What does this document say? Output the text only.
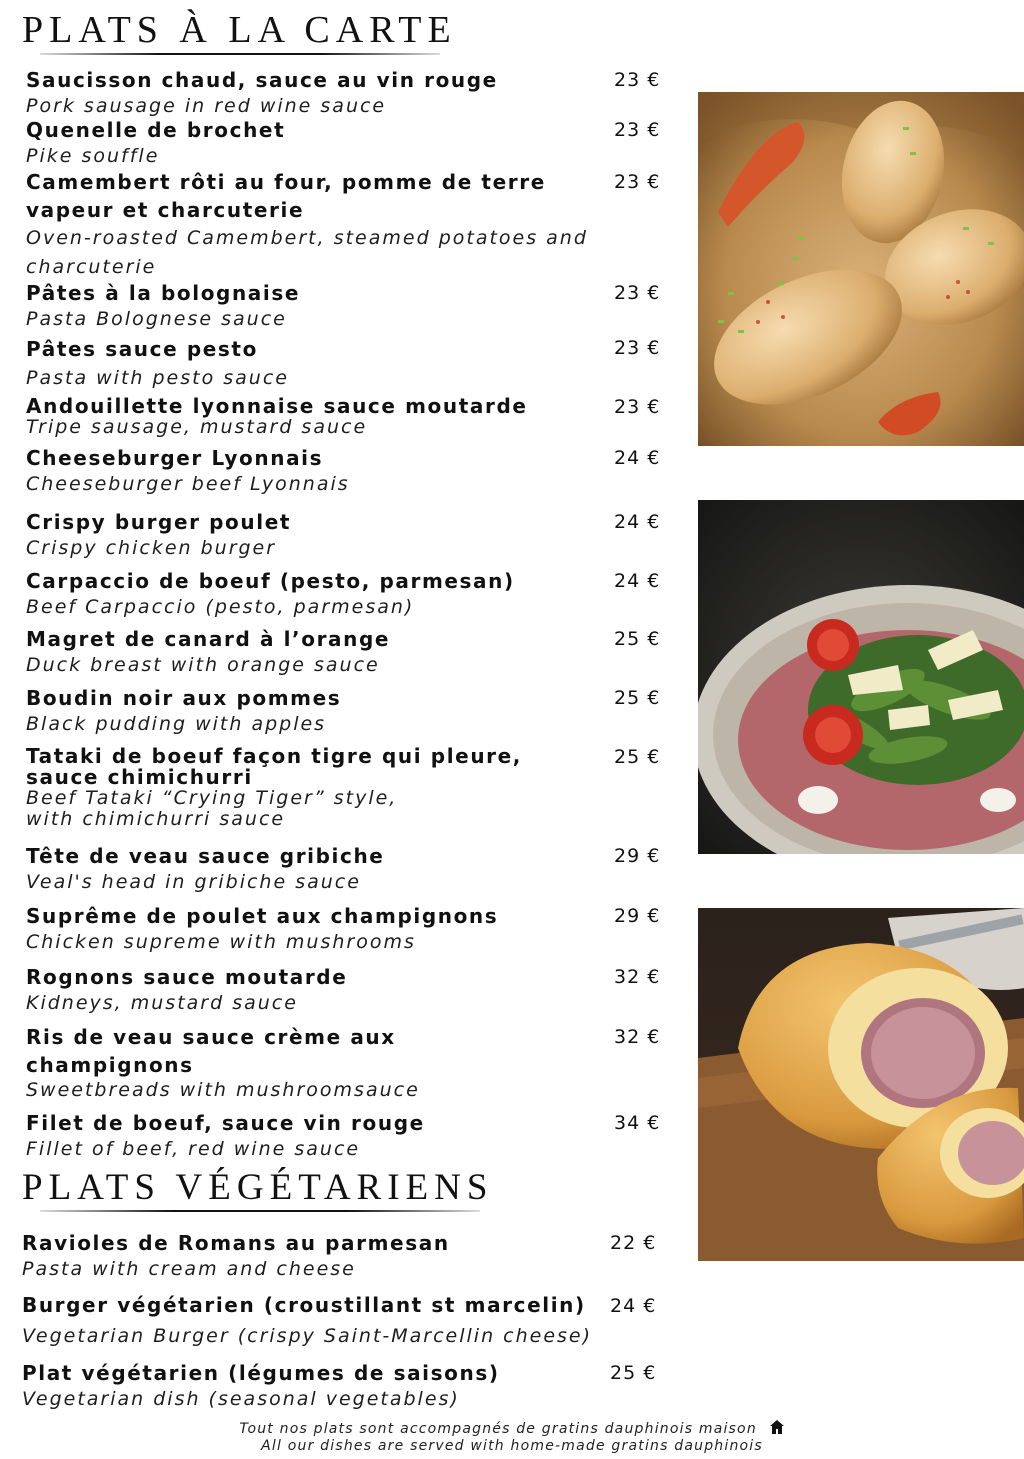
PLATS À LA CARTE
Saucisson chaud, sauce au vin rouge
Pork sausage in red wine sauce
23 €
Quenelle de brochet
Pike souffle
23 €
Camembert rôti au four, pomme de terre vapeur et charcuterie
Oven-roasted Camembert, steamed potatoes and charcuterie
23 €
Pâtes à la bolognaise
Pasta Bolognese sauce
23 €
Pâtes sauce pesto
Pasta with pesto sauce
23 €
Andouillette lyonnaise sauce moutarde
Tripe sausage, mustard sauce
23 €
Cheeseburger Lyonnais
Cheeseburger beef Lyonnais
24 €
Crispy burger poulet
Crispy chicken burger
24 €
Carpaccio de boeuf (pesto, parmesan)
Beef Carpaccio (pesto, parmesan)
24 €
Magret de canard à l’orange
Duck breast with orange sauce
25 €
Boudin noir aux pommes
Black pudding with apples
25 €
Tataki de boeuf façon tigre qui pleure, sauce chimichurri
Beef Tataki “Crying Tiger” style, with chimichurri sauce
25 €
Tête de veau sauce gribiche
Veal's head in gribiche sauce
29 €
Suprême de poulet aux champignons
Chicken supreme with mushrooms
29 €
Rognons sauce moutarde
Kidneys, mustard sauce
32 €
Ris de veau sauce crème aux champignons
Sweetbreads with mushroomsauce
32 €
Filet de boeuf, sauce vin rouge
Fillet of beef, red wine sauce
34 €
PLATS VÉGÉTARIENS
Ravioles de Romans au parmesan
Pasta with cream and cheese
22 €
Burger végétarien (croustillant st marcelin)
Vegetarian Burger (crispy Saint-Marcellin cheese)
24 €
Plat végétarien (légumes de saisons)
Vegetarian dish (seasonal vegetables)
25 €
Tout nos plats sont accompagnés de gratins dauphinois maison
All our dishes are served with home-made gratins dauphinois
